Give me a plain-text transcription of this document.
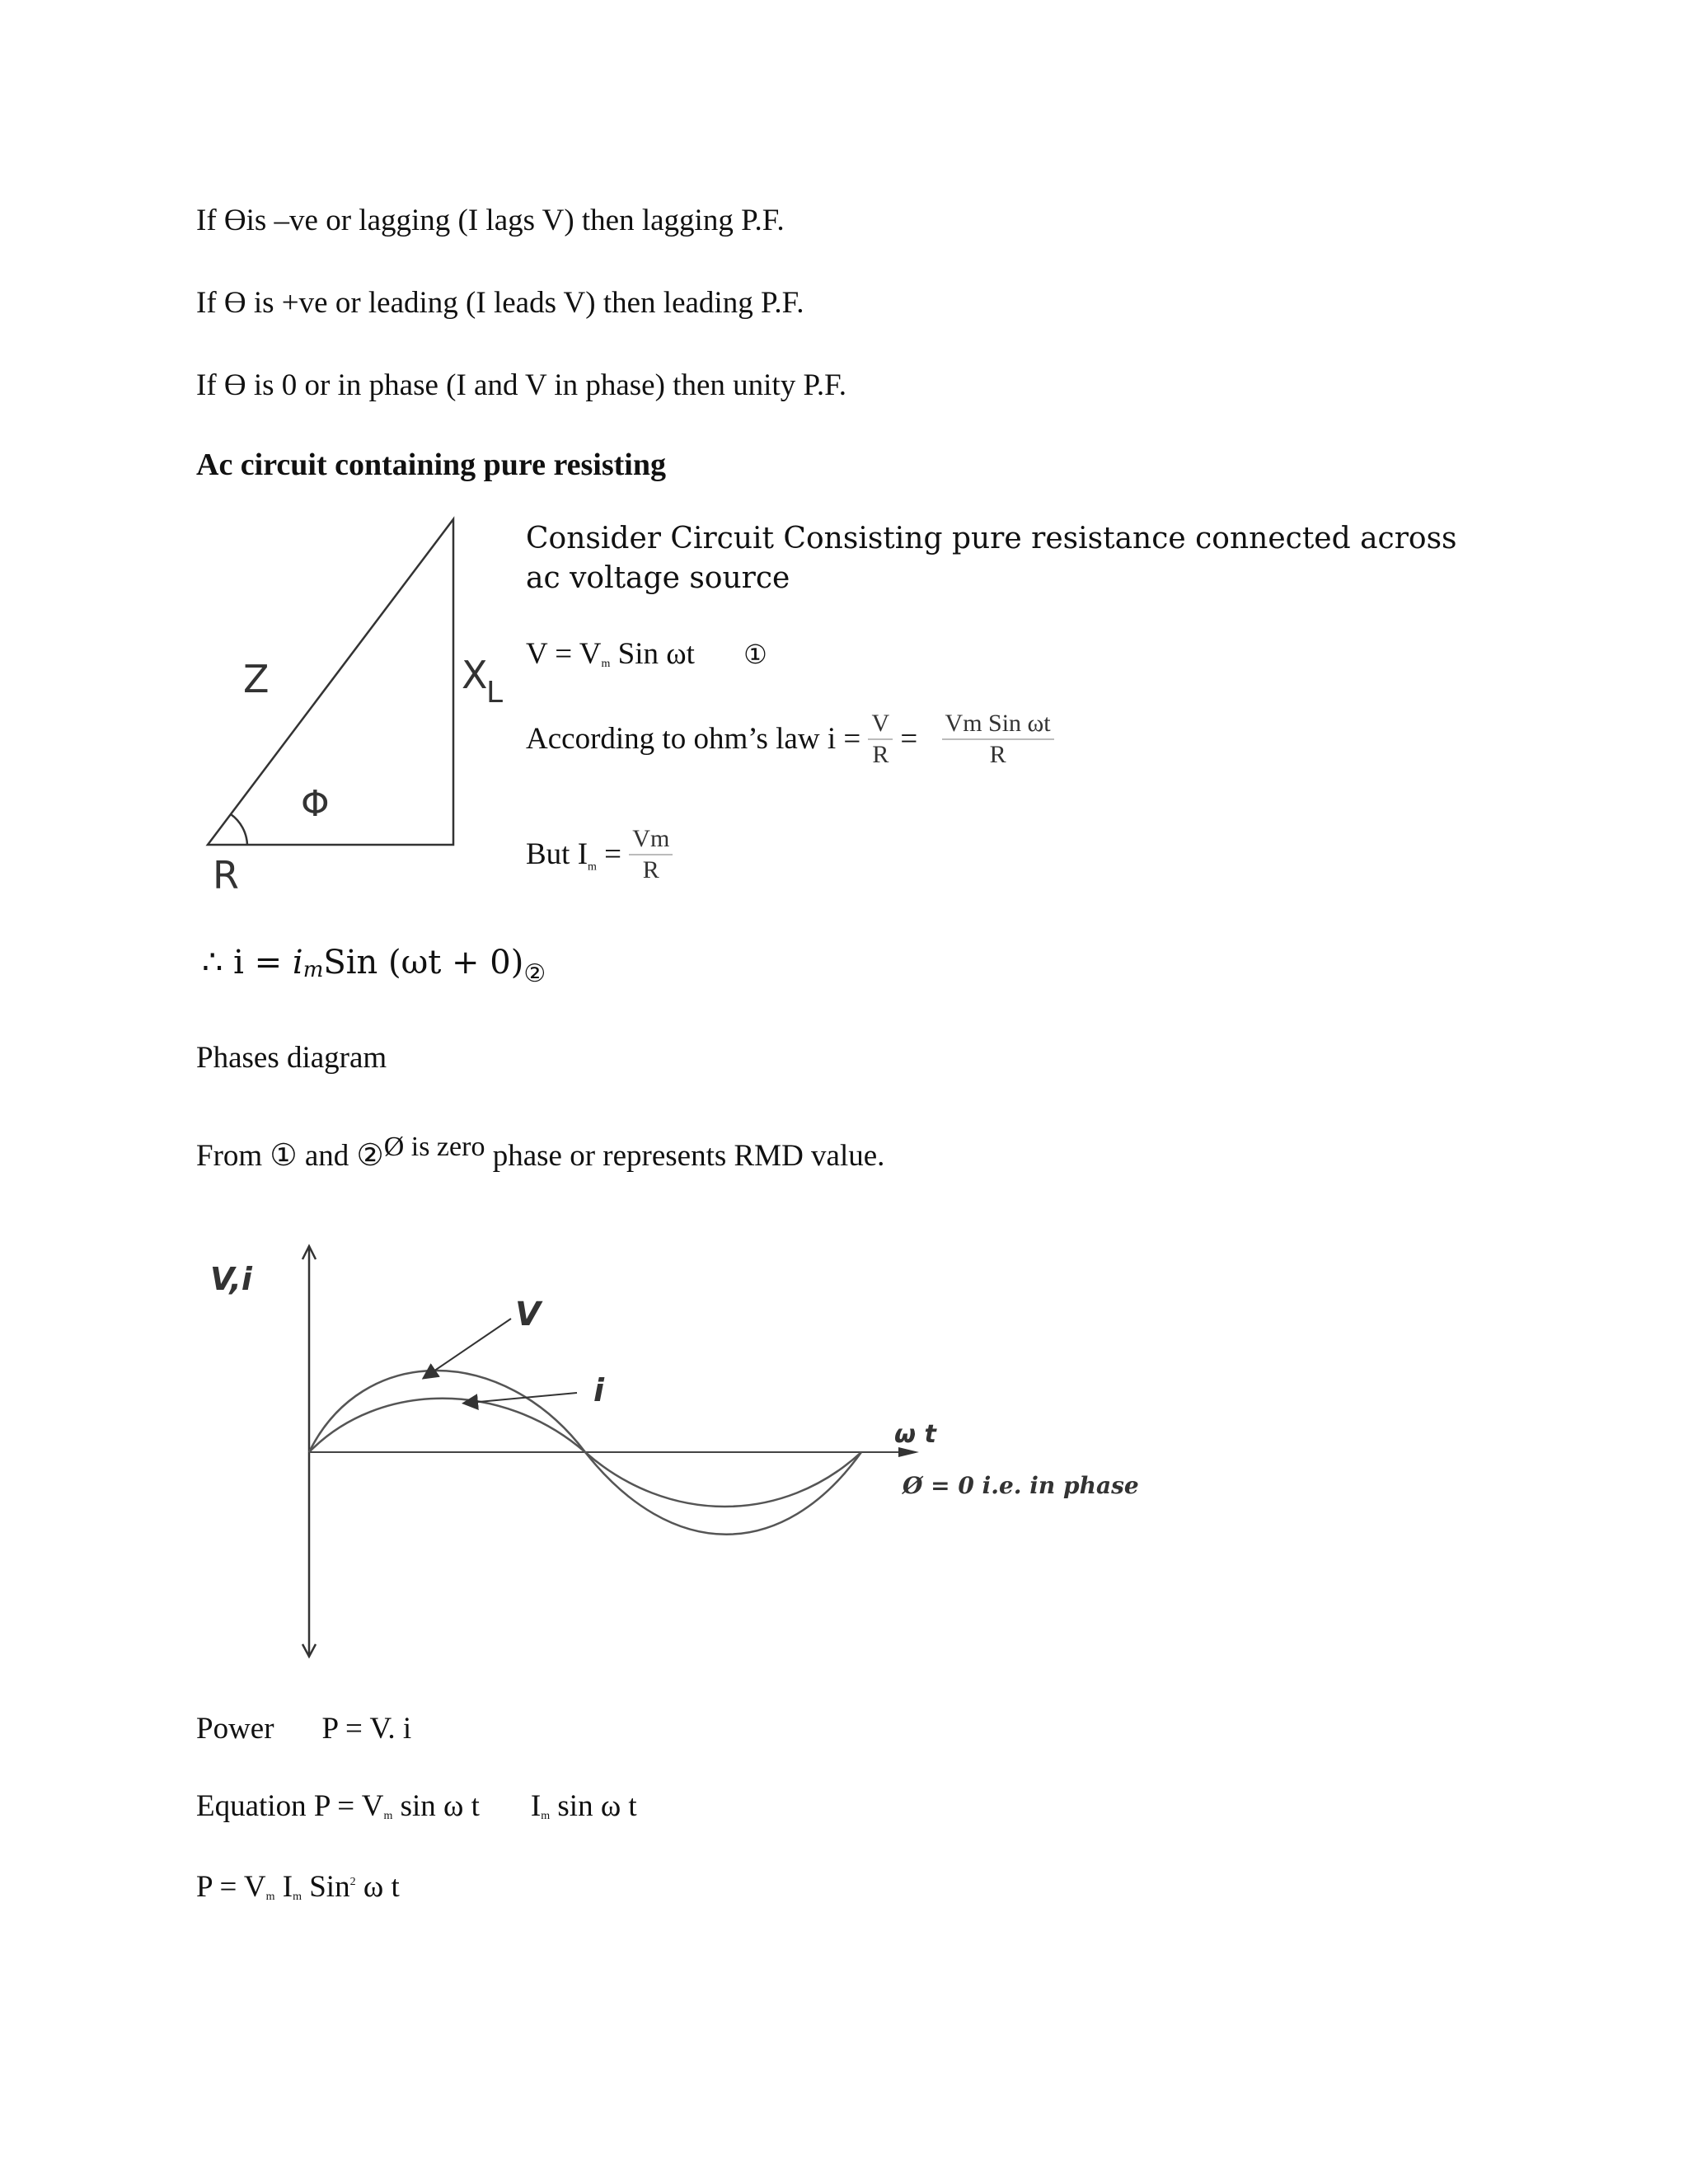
If Ɵis –ve or lagging (I lags V) then lagging P.F.
If Ɵ is +ve or leading (I leads V) then leading P.F.
If Ɵ is 0 or in phase (I and V in phase) then unity P.F.
Ac circuit containing pure resisting
Z	X
L
Φ
R
Consider Circuit Consisting pure resistance connected across
ac voltage source
$V = V_m$ Sin ωt ①
According to ohm’s law $i = \frac{V}{R} = \frac{\text{Vm Sin ωt}}{R}$
But $I_m = \frac{Vm}{R}$
∴ i = imSin $(\omega t + 0)_②$
Phases diagram
From ① and ②Ø is zero phase or represents RMD value.
V,i
V
i
ω t
Ø = 0 i.e. in phase
Power P = V. i
Equation $P = V_m$ sin ω t $I_m$ sin ω t
$P = V_m$ $I_m$ Sin$^2$ ω t
